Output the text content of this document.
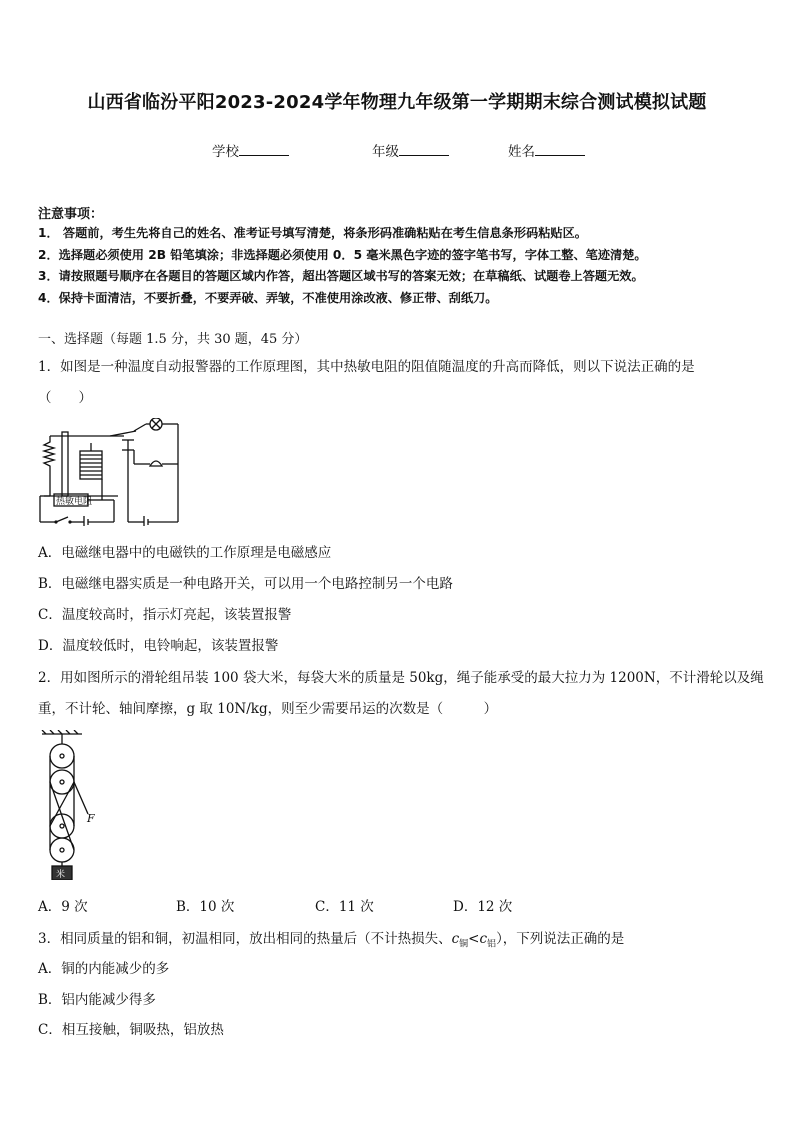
山西省临汾平阳2023-2024学年物理九年级第一学期期末综合测试模拟试题
学校	年级	姓名
注意事项：
1． 答题前，考生先将自己的姓名、准考证号填写清楚，将条形码准确粘贴在考生信息条形码粘贴区。
2．选择题必须使用 2B 铅笔填涂；非选择题必须使用 0．5 毫米黑色字迹的签字笔书写，字体工整、笔迹清楚。
3．请按照题号顺序在各题目的答题区域内作答，超出答题区域书写的答案无效；在草稿纸、试题卷上答题无效。
4．保持卡面清洁，不要折叠，不要弄破、弄皱，不准使用涂改液、修正带、刮纸刀。
一、选择题（每题 1.5 分，共 30 题，45 分）
1．如图是一种温度自动报警器的工作原理图，其中热敏电阻的阻值随温度的升高而降低，则以下说法正确的是
（　　）
热敏电阻
A．电磁继电器中的电磁铁的工作原理是电磁感应
B．电磁继电器实质是一种电路开关，可以用一个电路控制另一个电路
C．温度较高时，指示灯亮起，该装置报警
D．温度较低时，电铃响起，该装置报警
2．用如图所示的滑轮组吊装 100 袋大米，每袋大米的质量是 50kg，绳子能承受的最大拉力为 1200N，不计滑轮以及绳
重，不计轮、轴间摩擦，g 取 10N/kg，则至少需要吊运的次数是（　　　）
F
米
A．9 次	B．10 次	C．11 次	D．12 次
3．相同质量的铝和铜，初温相同，放出相同的热量后（不计热损失、$c_铜<c_铝$），下列说法正确的是
A．铜的内能减少的多
B．铝内能减少得多
C．相互接触，铜吸热，铝放热
